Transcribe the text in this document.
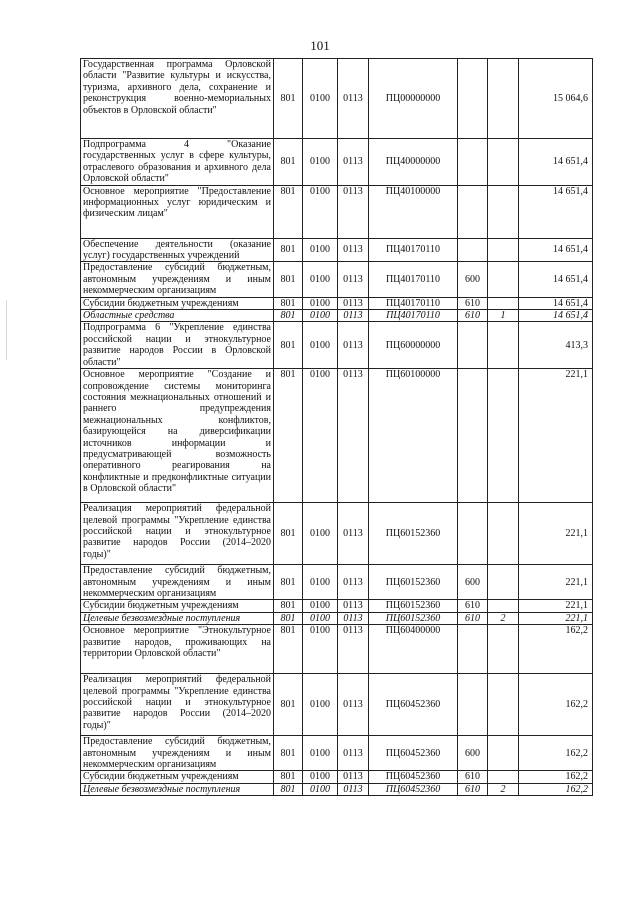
101
Государственная программа Орловской области "Развитие культуры и искусства, туризма, архивного дела, сохранение и реконструкция военно-мемориальных объектов в Орловской области"	801	0100	0113	ПЦ00000000			15 064,6
Подпрограмма 4 "Оказание государственных услуг в сфере культуры, отраслевого образования и архивного дела Орловской области"	801	0100	0113	ПЦ40000000			14 651,4
Основное мероприятие "Предоставление информационных услуг юридическим и физическим лицам"	801	0100	0113	ПЦ40100000			14 651,4
Обеспечение деятельности (оказание услуг) государственных учреждений	801	0100	0113	ПЦ40170110			14 651,4
Предоставление субсидий бюджетным, автономным учреждениям и иным некоммерческим организациям	801	0100	0113	ПЦ40170110	600		14 651,4
Субсидии бюджетным учреждениям	801	0100	0113	ПЦ40170110	610		14 651,4
Областные средства	801	0100	0113	ПЦ40170110	610	1	14 651,4
Подпрограмма 6 "Укрепление единства российской нации и этнокультурное развитие народов России в Орловской области"	801	0100	0113	ПЦ60000000			413,3
Основное мероприятие "Создание и сопровождение системы мониторинга состояния межнациональных отношений и раннего предупреждения межнациональных конфликтов, базирующейся на диверсификации источников информации и предусматривающей возможность оперативного реагирования на конфликтные и предконфликтные ситуации в Орловской области"	801	0100	0113	ПЦ60100000			221,1
Реализация мероприятий федеральной целевой программы "Укрепление единства российской нации и этнокультурное развитие народов России (2014–2020 годы)"	801	0100	0113	ПЦ60152360			221,1
Предоставление субсидий бюджетным, автономным учреждениям и иным некоммерческим организациям	801	0100	0113	ПЦ60152360	600		221,1
Субсидии бюджетным учреждениям	801	0100	0113	ПЦ60152360	610		221,1
Целевые безвозмездные поступления	801	0100	0113	ПЦ60152360	610	2	221,1
Основное мероприятие "Этнокультурное развитие народов, проживающих на территории Орловской области"	801	0100	0113	ПЦ60400000			162,2
Реализация мероприятий федеральной целевой программы "Укрепление единства российской нации и этнокультурное развитие народов России (2014–2020 годы)"	801	0100	0113	ПЦ60452360			162,2
Предоставление субсидий бюджетным, автономным учреждениям и иным некоммерческим организациям	801	0100	0113	ПЦ60452360	600		162,2
Субсидии бюджетным учреждениям	801	0100	0113	ПЦ60452360	610		162,2
Целевые безвозмездные поступления	801	0100	0113	ПЦ60452360	610	2	162,2
